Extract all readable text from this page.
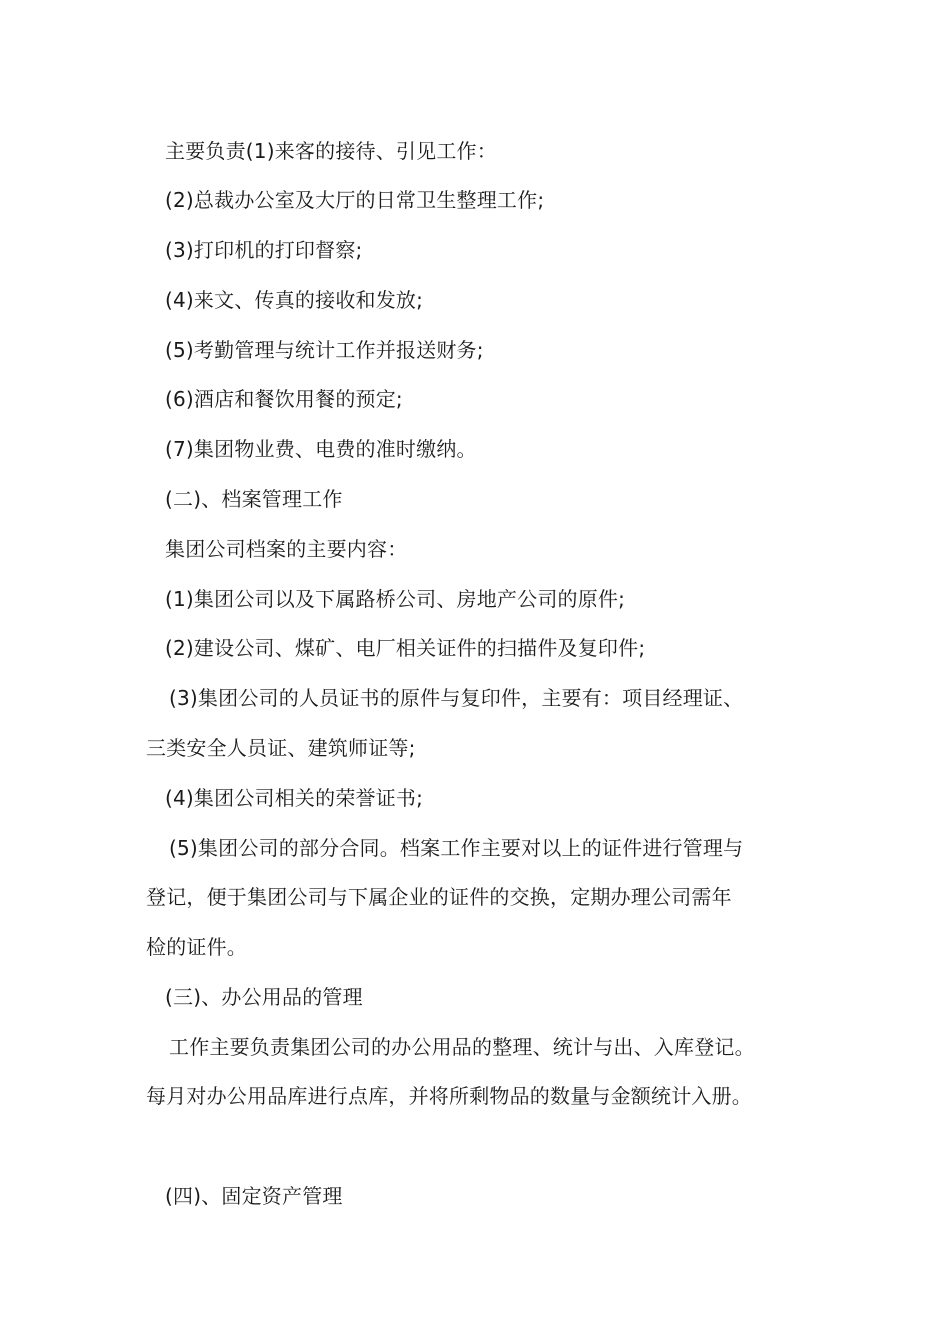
主要负责(1)来客的接待、引见工作：
(2)总裁办公室及大厅的日常卫生整理工作;
(3)打印机的打印督察;
(4)来文、传真的接收和发放;
(5)考勤管理与统计工作并报送财务;
(6)酒店和餐饮用餐的预定;
(7)集团物业费、电费的准时缴纳。
(二)、档案管理工作
集团公司档案的主要内容：
(1)集团公司以及下属路桥公司、房地产公司的原件;
(2)建设公司、煤矿、电厂相关证件的扫描件及复印件;
(3)集团公司的人员证书的原件与复印件，主要有：项目经理证、
三类安全人员证、建筑师证等;
(4)集团公司相关的荣誉证书;
(5)集团公司的部分合同。档案工作主要对以上的证件进行管理与
登记，便于集团公司与下属企业的证件的交换，定期办理公司需年
检的证件。
(三)、办公用品的管理
工作主要负责集团公司的办公用品的整理、统计与出、入库登记。
每月对办公用品库进行点库，并将所剩物品的数量与金额统计入册。
(四)、固定资产管理
